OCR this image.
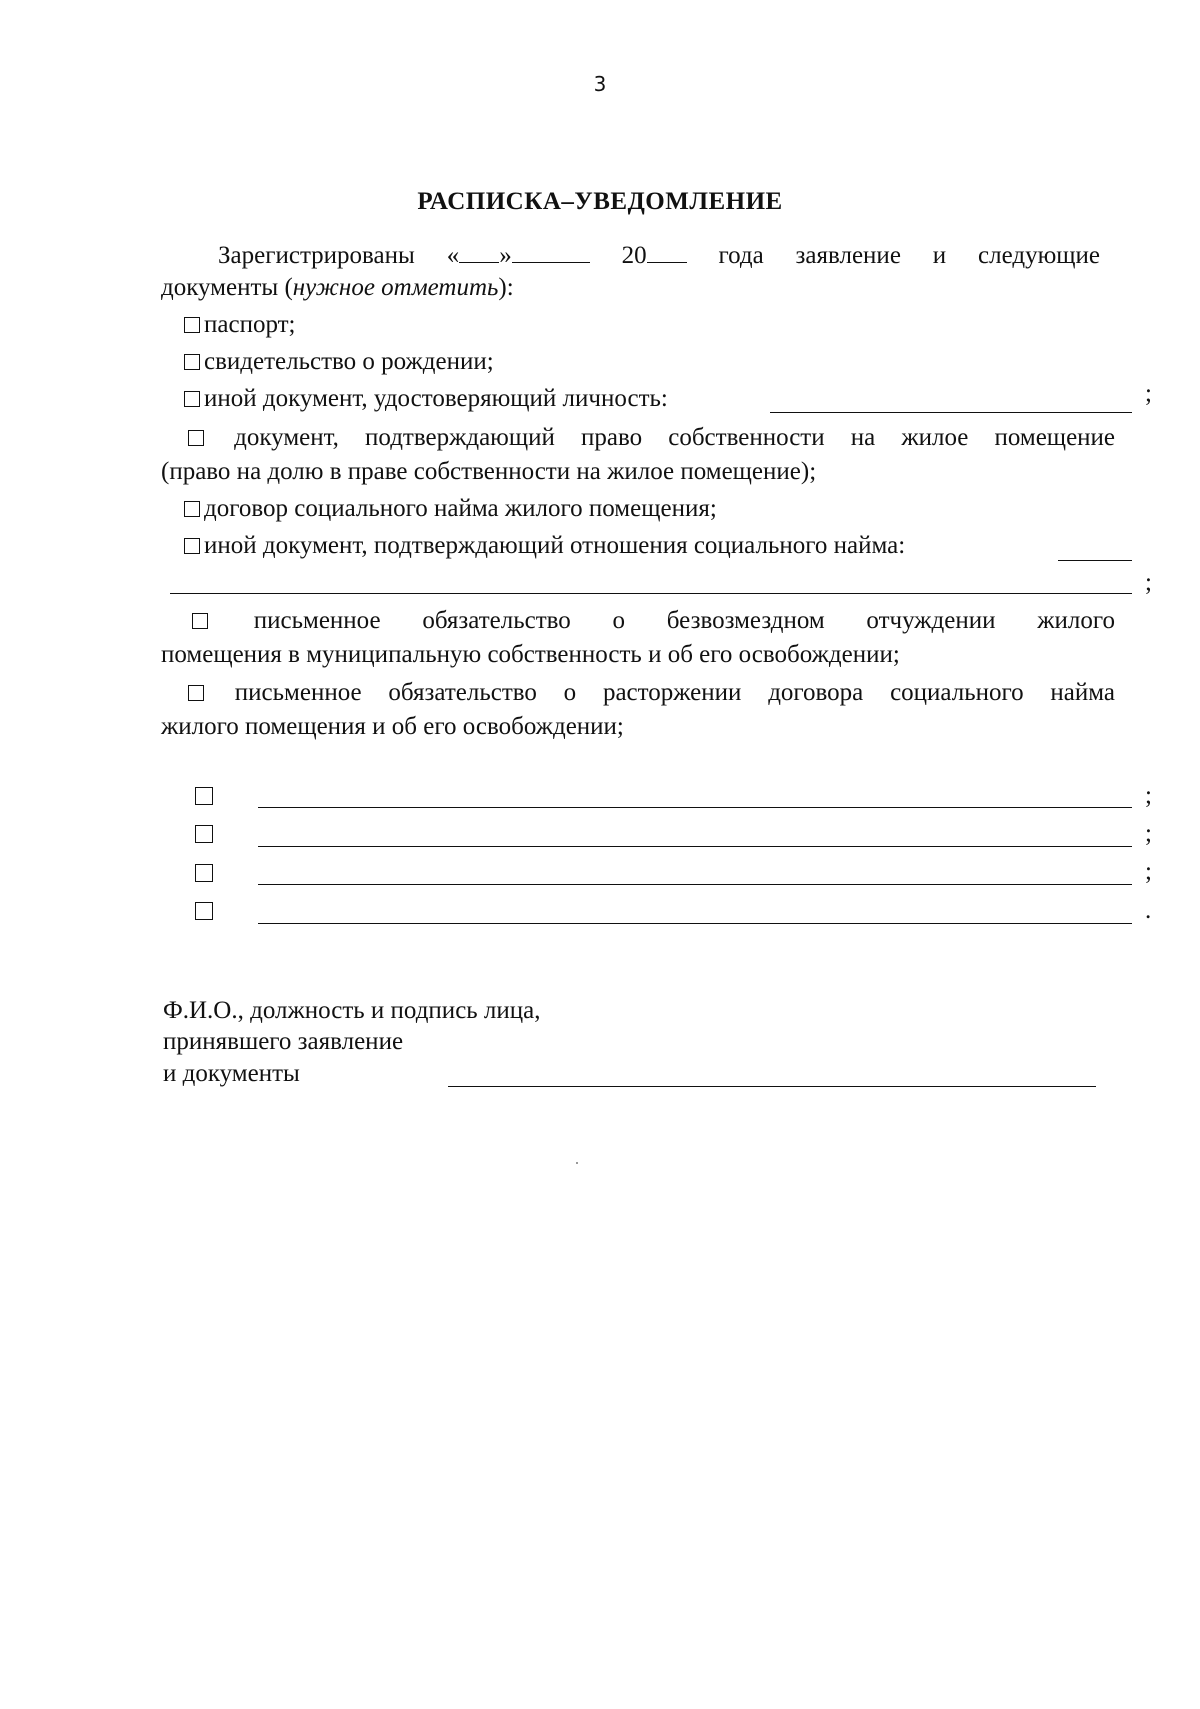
3
РАСПИСКА–УВЕДОМЛЕНИЕ
Зарегистрированы « »	20	года заявление и следующие
документы (нужное отметить):
паспорт;
свидетельство о рождении;
иной документ, удостоверяющий личность:	;
документ, подтверждающий право собственности на жилое помещение
(право на долю в праве собственности на жилое помещение);
договор социального найма жилого помещения;
иной документ, подтверждающий отношения социального найма:
;
письменное обязательство о безвозмездном отчуждении жилого
помещения в муниципальную собственность и об его освобождении;
письменное обязательство о расторжении договора социального найма
жилого помещения и об его освобождении;
;
;
;
.
Ф.И.О., должность и подпись лица,
принявшего заявление
и документы
